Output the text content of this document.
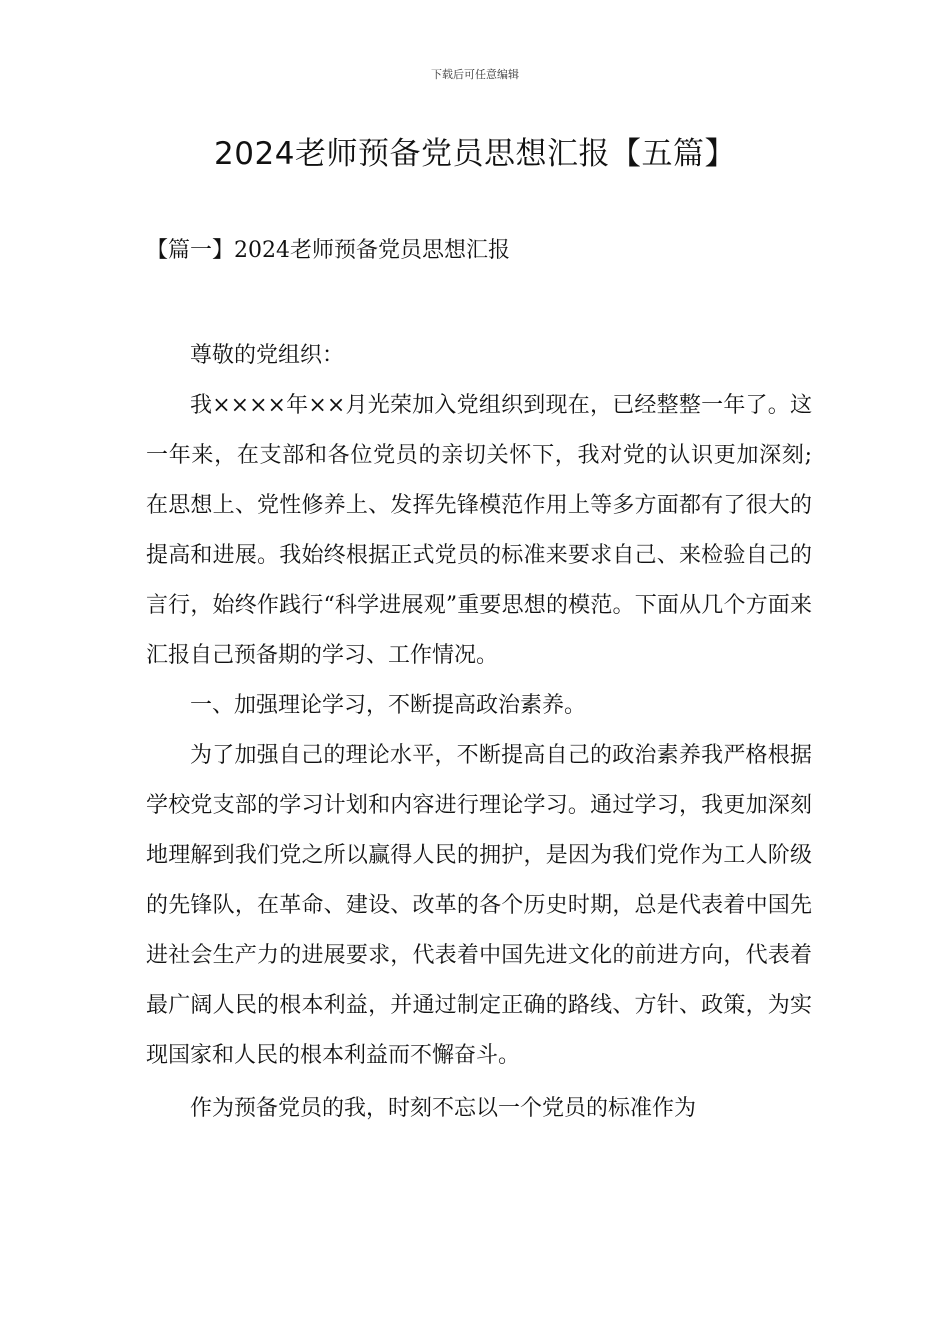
下载后可任意编辑
2024老师预备党员思想汇报【五篇】
【篇一】2024老师预备党员思想汇报

尊敬的党组织：

我××××年××月光荣加入党组织到现在，已经整整一年了。这一年来，在支部和各位党员的亲切关怀下，我对党的认识更加深刻;在思想上、党性修养上、发挥先锋模范作用上等多方面都有了很大的提高和进展。我始终根据正式党员的标准来要求自己、来检验自己的言行，始终作践行“科学进展观”重要思想的模范。下面从几个方面来汇报自己预备期的学习、工作情况。

一、加强理论学习，不断提高政治素养。

为了加强自己的理论水平，不断提高自己的政治素养我严格根据学校党支部的学习计划和内容进行理论学习。通过学习，我更加深刻地理解到我们党之所以赢得人民的拥护，是因为我们党作为工人阶级的先锋队，在革命、建设、改革的各个历史时期，总是代表着中国先进社会生产力的进展要求，代表着中国先进文化的前进方向，代表着最广阔人民的根本利益，并通过制定正确的路线、方针、政策，为实现国家和人民的根本利益而不懈奋斗。

作为预备党员的我，时刻不忘以一个党员的标准作为
